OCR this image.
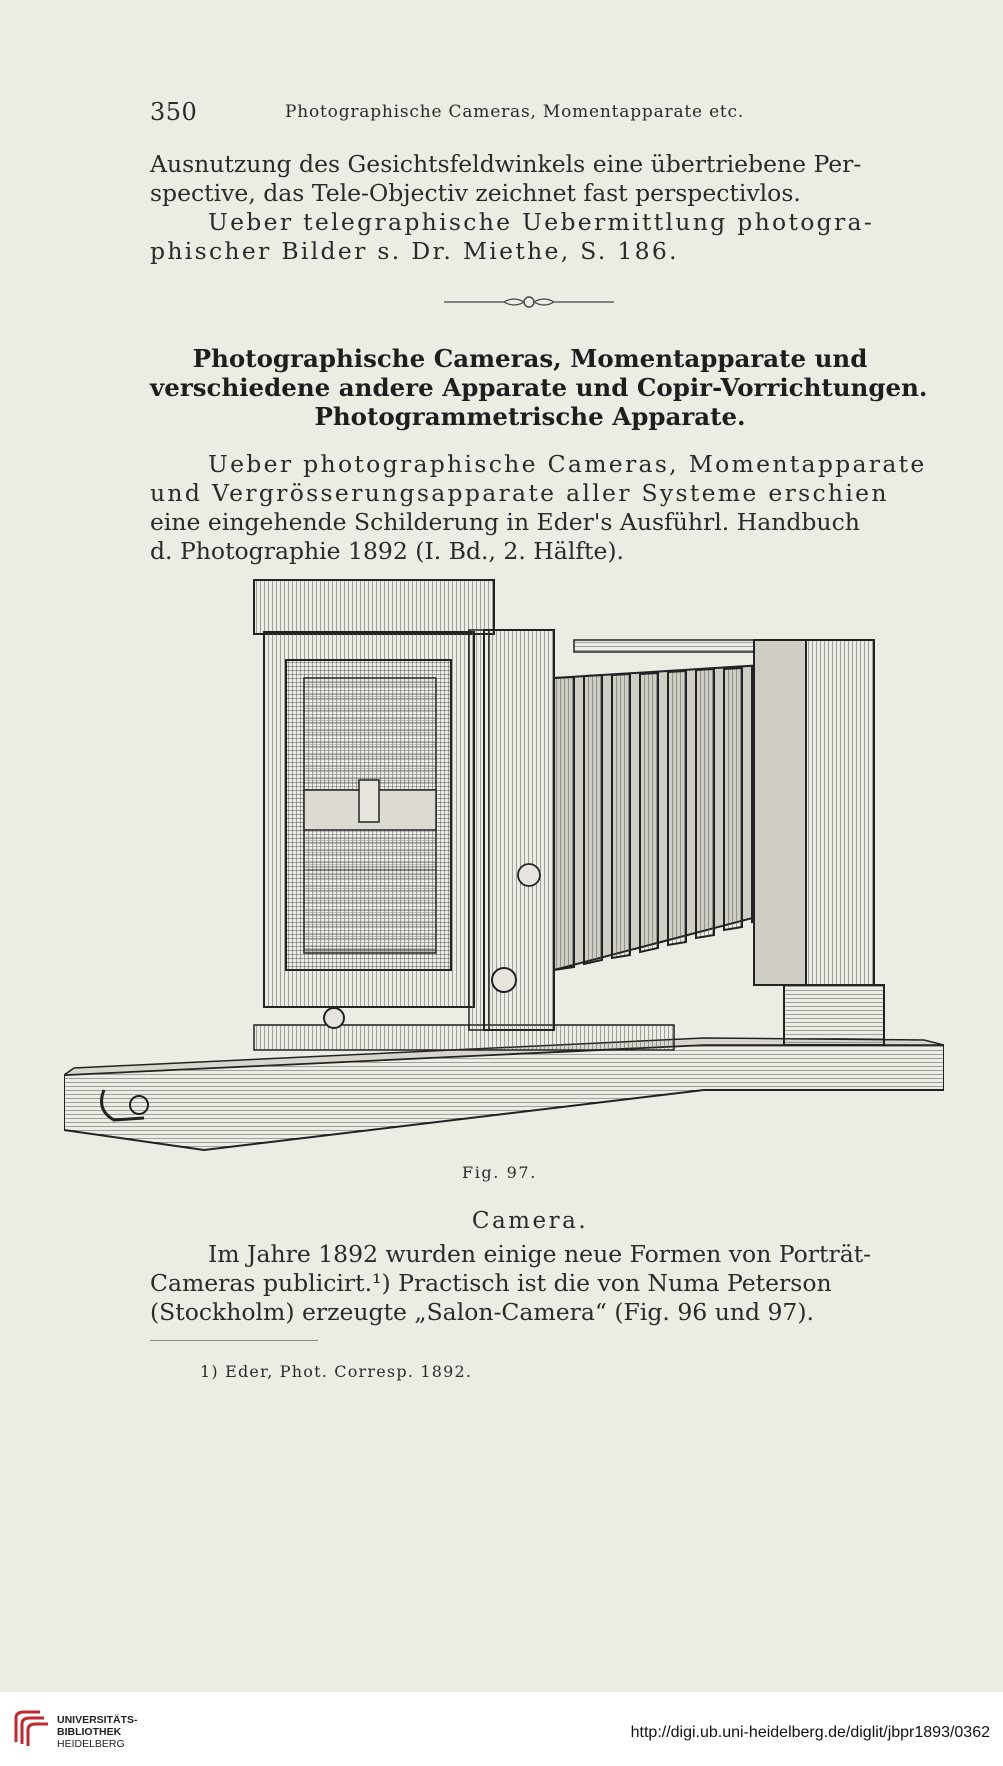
350	Photographische Cameras, Momentapparate etc.
Ausnutzung des Gesichtsfeldwinkels eine übertriebene Per-
spective, das Tele-Objectiv zeichnet fast perspectivlos.
Ueber telegraphische Uebermittlung photogra-
phischer Bilder s. Dr. Miethe, S. 186.
Photographische Cameras, Momentapparate und
verschiedene andere Apparate und Copir-Vorrichtungen.
Photogrammetrische Apparate.
Ueber photographische Cameras, Momentapparate
und Vergrösserungsapparate aller Systeme erschien
eine eingehende Schilderung in Eder's Ausführl. Handbuch
d. Photographie 1892 (I. Bd., 2. Hälfte).
Fig. 97.
Camera.
Im Jahre 1892 wurden einige neue Formen von Porträt-
Cameras publicirt.¹) Practisch ist die von Numa Peterson
(Stockholm) erzeugte „Salon-Camera“ (Fig. 96 und 97).
1) Eder, Phot. Corresp. 1892.
UNIVERSITÄTS-
BIBLIOTHEK
HEIDELBERG
http://digi.ub.uni-heidelberg.de/diglit/jbpr1893/0362
